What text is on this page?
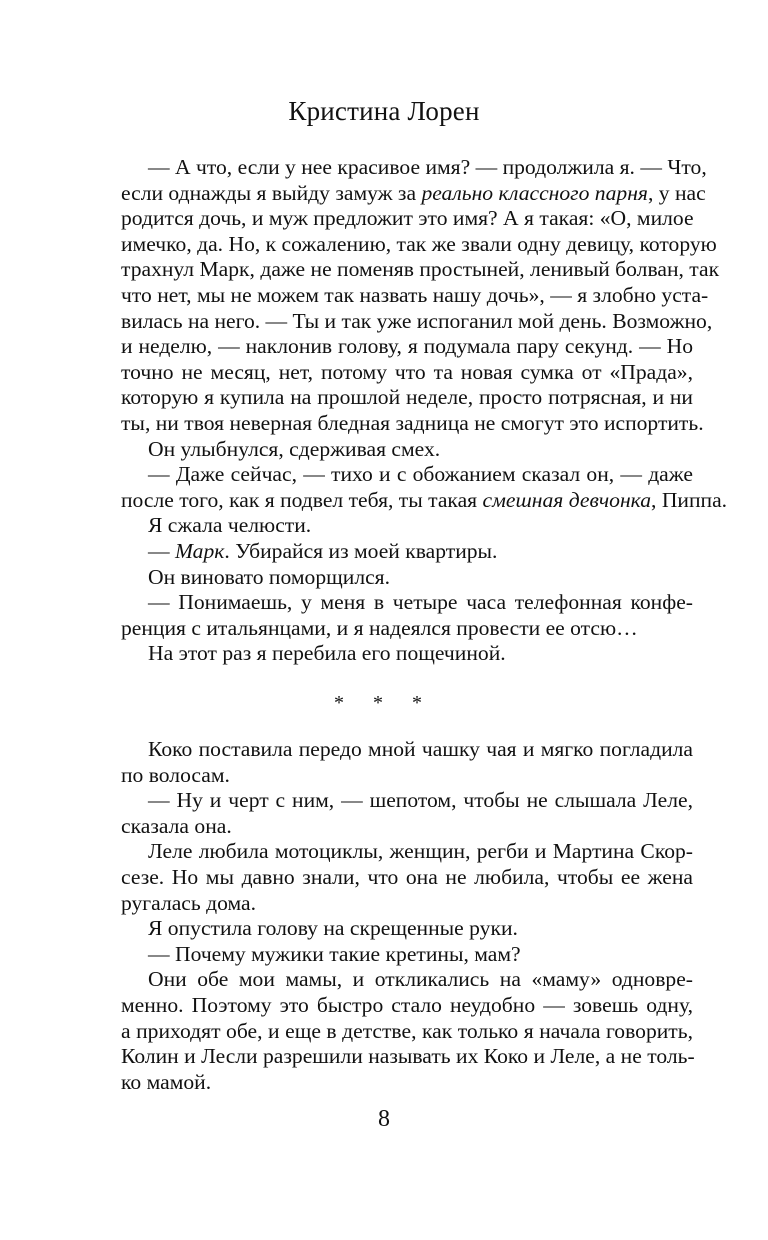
Кристина Лорен
— А что, если у нее красивое имя? — продолжила я. — Что,
если однажды я выйду замуж за реально классного парня, у нас
родится дочь, и муж предложит это имя? А я такая: «О, милое
имечко, да. Но, к сожалению, так же звали одну девицу, которую
трахнул Марк, даже не поменяв простыней, ленивый болван, так
что нет, мы не можем так назвать нашу дочь», — я злобно уста-
вилась на него. — Ты и так уже испоганил мой день. Возможно,
и неделю, — наклонив голову, я подумала пару секунд. — Но
точно не месяц, нет, потому что та новая сумка от «Прада»,
которую я купила на прошлой неделе, просто потрясная, и ни
ты, ни твоя неверная бледная задница не смогут это испортить.
Он улыбнулся, сдерживая смех.
— Даже сейчас, — тихо и с обожанием сказал он, — даже
после того, как я подвел тебя, ты такая смешная девчонка, Пиппа.
Я сжала челюсти.
— Марк. Убирайся из моей квартиры.
Он виновато поморщился.
— Понимаешь, у меня в четыре часа телефонная конфе-
ренция с итальянцами, и я надеялся провести ее отсю…
На этот раз я перебила его пощечиной.
* * *
Коко поставила передо мной чашку чая и мягко погладила
по волосам.
— Ну и черт с ним, — шепотом, чтобы не слышала Леле,
сказала она.
Леле любила мотоциклы, женщин, регби и Мартина Скор-
сезе. Но мы давно знали, что она не любила, чтобы ее жена
ругалась дома.
Я опустила голову на скрещенные руки.
— Почему мужики такие кретины, мам?
Они обе мои мамы, и откликались на «маму» одновре-
менно. Поэтому это быстро стало неудобно — зовешь одну,
а приходят обе, и еще в детстве, как только я начала говорить,
Колин и Лесли разрешили называть их Коко и Леле, а не толь-
ко мамой.
8
